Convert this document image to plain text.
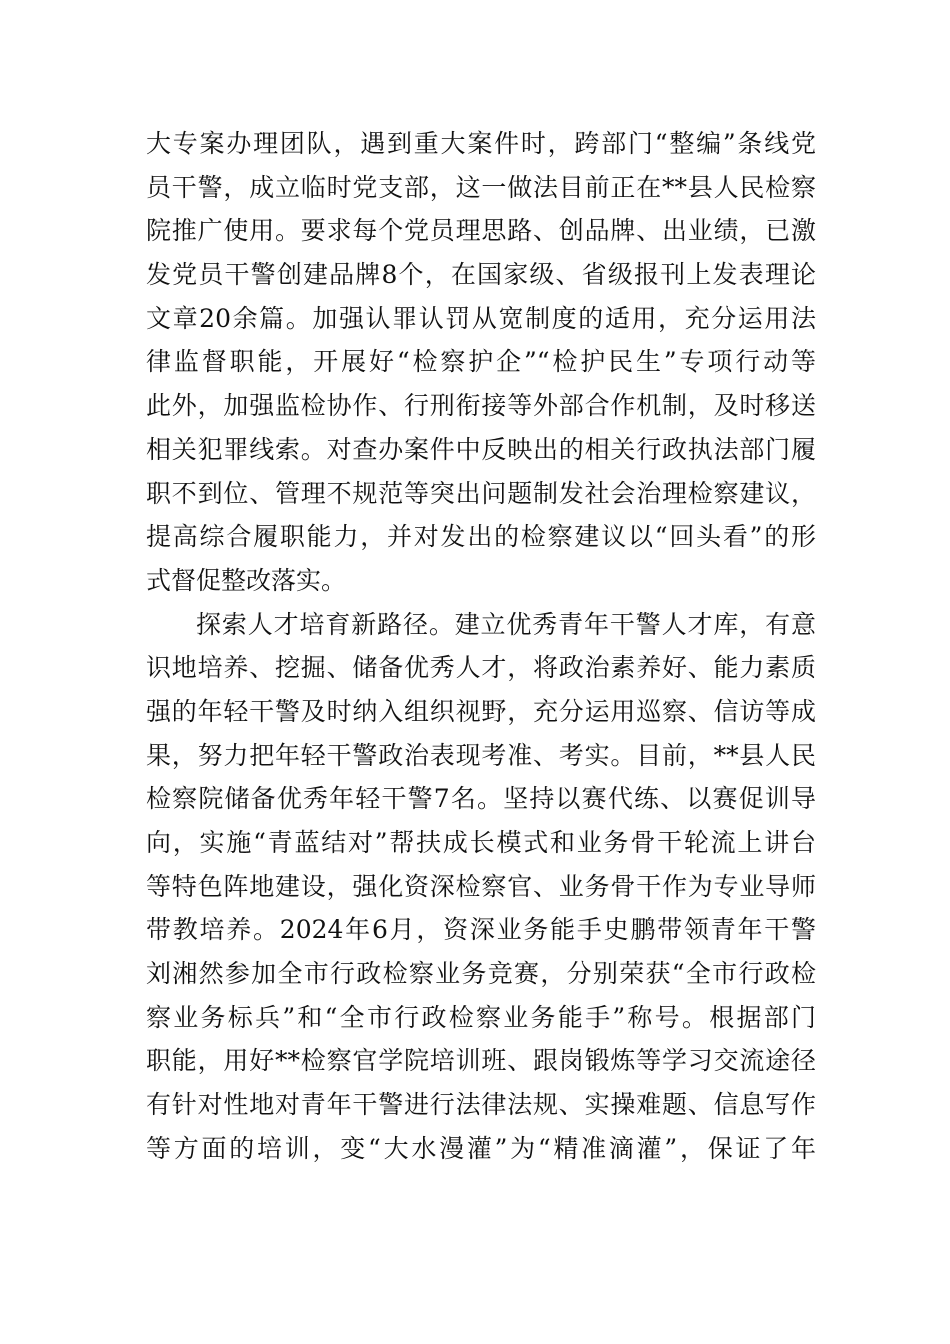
大专案办理团队，遇到重大案件时，跨部门“整编”条线党
员干警，成立临时党支部，这一做法目前正在**县人民检察
院推广使用。要求每个党员理思路、创品牌、出业绩，已激
发党员干警创建品牌8个，在国家级、省级报刊上发表理论
文章20余篇。加强认罪认罚从宽制度的适用，充分运用法
律监督职能，开展好“检察护企”“检护民生”专项行动等
此外，加强监检协作、行刑衔接等外部合作机制，及时移送
相关犯罪线索。对查办案件中反映出的相关行政执法部门履
职不到位、管理不规范等突出问题制发社会治理检察建议，
提高综合履职能力，并对发出的检察建议以“回头看”的形
式督促整改落实。
探索人才培育新路径。建立优秀青年干警人才库，有意
识地培养、挖掘、储备优秀人才，将政治素养好、能力素质
强的年轻干警及时纳入组织视野，充分运用巡察、信访等成
果，努力把年轻干警政治表现考准、考实。目前，**县人民
检察院储备优秀年轻干警7名。坚持以赛代练、以赛促训导
向，实施“青蓝结对”帮扶成长模式和业务骨干轮流上讲台
等特色阵地建设，强化资深检察官、业务骨干作为专业导师
带教培养。2024年6月，资深业务能手史鹏带领青年干警
刘湘然参加全市行政检察业务竞赛，分别荣获“全市行政检
察业务标兵”和“全市行政检察业务能手”称号。根据部门
职能，用好**检察官学院培训班、跟岗锻炼等学习交流途径
有针对性地对青年干警进行法律法规、实操难题、信息写作
等方面的培训，变“大水漫灌”为“精准滴灌”，保证了年
